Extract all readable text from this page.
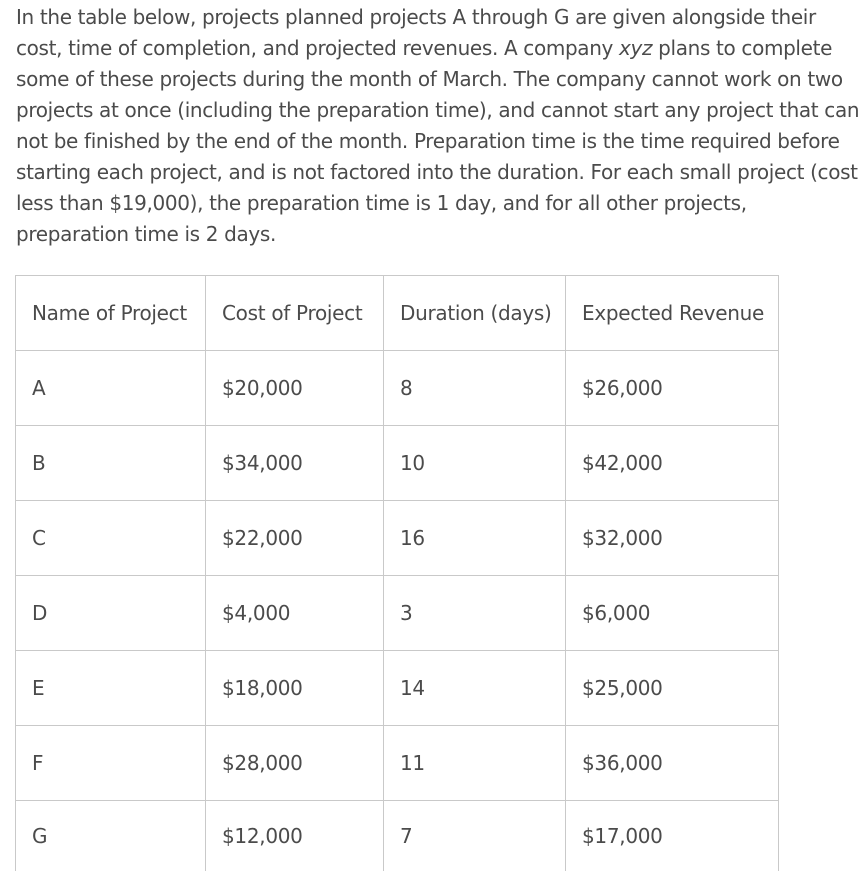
In the table below, projects planned projects A through G are given alongside their

cost, time of completion, and projected revenues. A company xyz plans to complete

some of these projects during the month of March. The company cannot work on two

projects at once (including the preparation time), and cannot start any project that can

not be finished by the end of the month. Preparation time is the time required before

starting each project, and is not factored into the duration. For each small project (cost

less than $19,000), the preparation time is 1 day, and for all other projects,

preparation time is 2 days.

Name of Project	Cost of Project	Duration (days)	Expected Revenue
A	$20,000	8	$26,000
B	$34,000	10	$42,000
C	$22,000	16	$32,000
D	$4,000	3	$6,000
E	$18,000	14	$25,000
F	$28,000	11	$36,000
G	$12,000	7	$17,000
